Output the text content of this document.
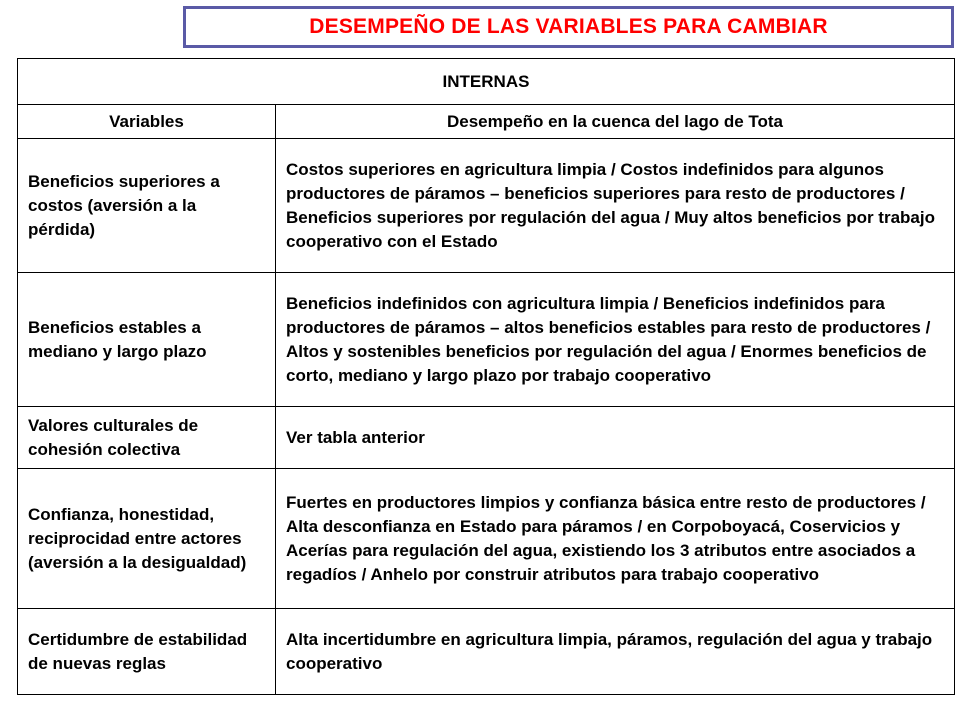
DESEMPEÑO DE LAS VARIABLES PARA CAMBIAR
INTERNAS	
Variables	Desempeño en la cuenca del lago de Tota
Beneficios superiores a costos (aversión a la pérdida)	Costos superiores en agricultura limpia / Costos indefinidos para algunos productores de páramos – beneficios superiores para resto de productores / Beneficios superiores por regulación del agua / Muy altos beneficios por trabajo cooperativo con el Estado
Beneficios estables a mediano y largo plazo	Beneficios indefinidos con agricultura limpia / Beneficios indefinidos para productores de páramos – altos beneficios estables para resto de productores / Altos y sostenibles beneficios por regulación del agua / Enormes beneficios de corto, mediano y largo plazo por trabajo cooperativo
Valores culturales de cohesión colectiva	Ver tabla anterior
Confianza, honestidad, reciprocidad entre actores (aversión a la desigualdad)	Fuertes en productores limpios y confianza básica entre resto de productores / Alta desconfianza en Estado para páramos / en Corpoboyacá, Coservicios y Acerías para regulación del agua, existiendo los 3 atributos entre asociados a regadíos / Anhelo por construir atributos para trabajo cooperativo
Certidumbre de estabilidad de nuevas reglas	Alta incertidumbre en agricultura limpia, páramos, regulación del agua y trabajo cooperativo
